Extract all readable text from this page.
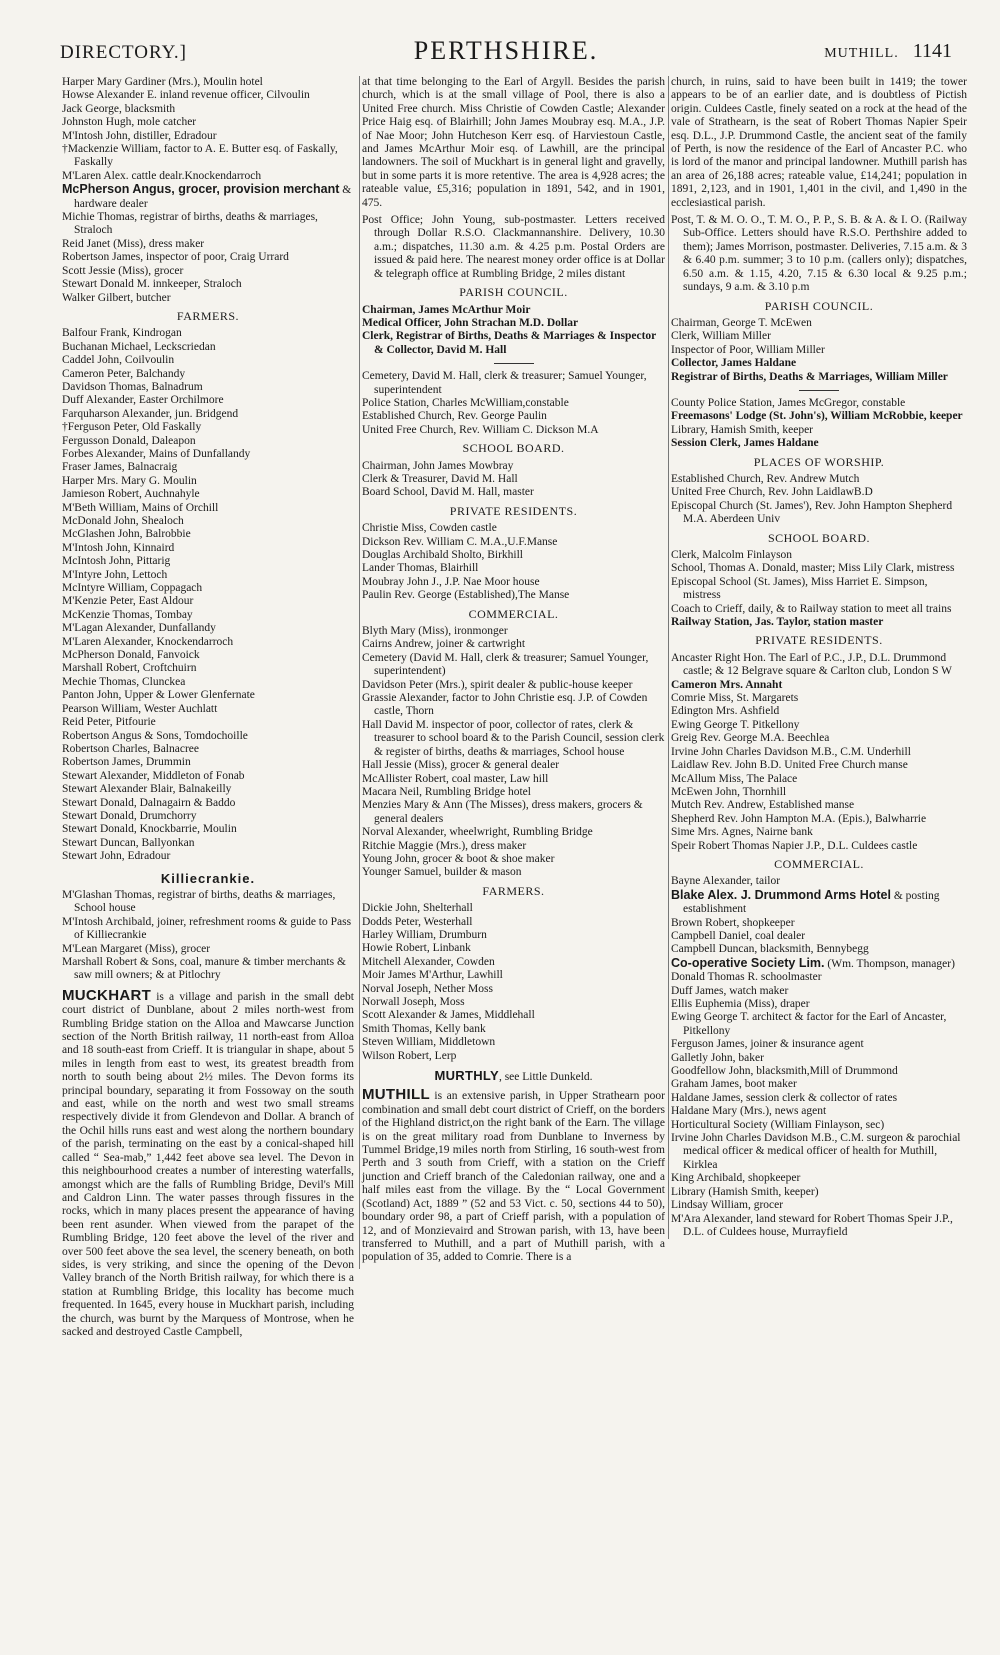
DIRECTORY.]	PERTHSHIRE.	MUTHILL. 1141

Harper Mary Gardiner (Mrs.), Moulin hotel

Howse Alexander E. inland revenue officer, Cilvoulin

Jack George, blacksmith

Johnston Hugh, mole catcher

M'Intosh John, distiller, Edradour

†Mackenzie William, factor to A. E. Butter esq. of Faskally, Faskally

M'Laren Alex. cattle dealr.Knockendarroch

McPherson Angus, grocer, provision merchant & hardware dealer

Michie Thomas, registrar of births, deaths & marriages, Straloch

Reid Janet (Miss), dress maker

Robertson James, inspector of poor, Craig Urrard

Scott Jessie (Miss), grocer

Stewart Donald M. innkeeper, Straloch

Walker Gilbert, butcher

FARMERS.

Balfour Frank, Kindrogan

Buchanan Michael, Leckscriedan

Caddel John, Coilvoulin

Cameron Peter, Balchandy

Davidson Thomas, Balnadrum

Duff Alexander, Easter Orchilmore

Farquharson Alexander, jun. Bridgend

†Ferguson Peter, Old Faskally

Fergusson Donald, Daleapon

Forbes Alexander, Mains of Dunfallandy

Fraser James, Balnacraig

Harper Mrs. Mary G. Moulin

Jamieson Robert, Auchnahyle

M'Beth William, Mains of Orchill

McDonald John, Shealoch

McGlashen John, Balrobbie

M'Intosh John, Kinnaird

McIntosh John, Pittarig

M'Intyre John, Lettoch

McIntyre William, Coppagach

M'Kenzie Peter, East Aldour

McKenzie Thomas, Tombay

M'Lagan Alexander, Dunfallandy

M'Laren Alexander, Knockendarroch

McPherson Donald, Fanvoick

Marshall Robert, Croftchuirn

Mechie Thomas, Clunckea

Panton John, Upper & Lower Glenfernate

Pearson William, Wester Auchlatt

Reid Peter, Pitfourie

Robertson Angus & Sons, Tomdochoille

Robertson Charles, Balnacree

Robertson James, Drummin

Stewart Alexander, Middleton of Fonab

Stewart Alexander Blair, Balnakeilly

Stewart Donald, Dalnagairn & Baddo

Stewart Donald, Drumchorry

Stewart Donald, Knockbarrie, Moulin

Stewart Duncan, Ballyonkan

Stewart John, Edradour

Killiecrankie.

M'Glashan Thomas, registrar of births, deaths & marriages, School house

M'Intosh Archibald, joiner, refreshment rooms & guide to Pass of Killiecrankie

M'Lean Margaret (Miss), grocer

Marshall Robert & Sons, coal, manure & timber merchants & saw mill owners; & at Pitlochry

MUCKHART is a village and parish in the small debt court district of Dunblane, about 2 miles north-west from Rumbling Bridge station on the Alloa and Mawcarse Junction section of the North British railway, 11 north-east from Alloa and 18 south-east from Crieff. It is triangular in shape, about 5 miles in length from east to west, its greatest breadth from north to south being about 2½ miles. The Devon forms its principal boundary, separating it from Fossoway on the south and east, while on the north and west two small streams respectively divide it from Glendevon and Dollar. A branch of the Ochil hills runs east and west along the northern boundary of the parish, terminating on the east by a conical-shaped hill called “ Sea-mab,” 1,442 feet above sea level. The Devon in this neighbourhood creates a number of interesting waterfalls, amongst which are the falls of Rumbling Bridge, Devil's Mill and Caldron Linn. The water passes through fissures in the rocks, which in many places present the appearance of having been rent asunder. When viewed from the parapet of the Rumbling Bridge, 120 feet above the level of the river and over 500 feet above the sea level, the scenery beneath, on both sides, is very striking, and since the opening of the Devon Valley branch of the North British railway, for which there is a station at Rumbling Bridge, this locality has become much frequented. In 1645, every house in Muckhart parish, including the church, was burnt by the Marquess of Montrose, when he sacked and destroyed Castle Campbell,

at that time belonging to the Earl of Argyll. Besides the parish church, which is at the small village of Pool, there is also a United Free church. Miss Christie of Cowden Castle; Alexander Price Haig esq. of Blairhill; John James Moubray esq. M.A., J.P. of Nae Moor; John Hutcheson Kerr esq. of Harviestoun Castle, and James McArthur Moir esq. of Lawhill, are the principal landowners. The soil of Muckhart is in general light and gravelly, but in some parts it is more retentive. The area is 4,928 acres; the rateable value, £5,316; population in 1891, 542, and in 1901, 475.

Post Office; John Young, sub-postmaster. Letters received through Dollar R.S.O. Clackmannanshire. Delivery, 10.30 a.m.; dispatches, 11.30 a.m. & 4.25 p.m. Postal Orders are issued & paid here. The nearest money order office is at Dollar & telegraph office at Rumbling Bridge, 2 miles distant

PARISH COUNCIL.

Chairman, James McArthur Moir

Medical Officer, John Strachan M.D. Dollar

Clerk, Registrar of Births, Deaths & Marriages & Inspector & Collector, David M. Hall

Cemetery, David M. Hall, clerk & treasurer; Samuel Younger, superintendent

Police Station, Charles McWilliam,constable

Established Church, Rev. George Paulin

United Free Church, Rev. William C. Dickson M.A

SCHOOL BOARD.

Chairman, John James Mowbray

Clerk & Treasurer, David M. Hall

Board School, David M. Hall, master

PRIVATE RESIDENTS.

Christie Miss, Cowden castle

Dickson Rev. William C. M.A.,U.F.Manse

Douglas Archibald Sholto, Birkhill

Lander Thomas, Blairhill

Moubray John J., J.P. Nae Moor house

Paulin Rev. George (Established),The Manse

COMMERCIAL.

Blyth Mary (Miss), ironmonger

Cairns Andrew, joiner & cartwright

Cemetery (David M. Hall, clerk & treasurer; Samuel Younger, superintendent)

Davidson Peter (Mrs.), spirit dealer & public-house keeper

Grassie Alexander, factor to John Christie esq. J.P. of Cowden castle, Thorn

Hall David M. inspector of poor, collector of rates, clerk & treasurer to school board & to the Parish Council, session clerk & register of births, deaths & marriages, School house

Hall Jessie (Miss), grocer & general dealer

McAllister Robert, coal master, Law hill

Macara Neil, Rumbling Bridge hotel

Menzies Mary & Ann (The Misses), dress makers, grocers & general dealers

Norval Alexander, wheelwright, Rumbling Bridge

Ritchie Maggie (Mrs.), dress maker

Young John, grocer & boot & shoe maker

Younger Samuel, builder & mason

FARMERS.

Dickie John, Shelterhall

Dodds Peter, Westerhall

Harley William, Drumburn

Howie Robert, Linbank

Mitchell Alexander, Cowden

Moir James M'Arthur, Lawhill

Norval Joseph, Nether Moss

Norwall Joseph, Moss

Scott Alexander & James, Middlehall

Smith Thomas, Kelly bank

Steven William, Middletown

Wilson Robert, Lerp

MURTHLY, see Little Dunkeld.

MUTHILL is an extensive parish, in Upper Strathearn poor combination and small debt court district of Crieff, on the borders of the Highland district,on the right bank of the Earn. The village is on the great military road from Dunblane to Inverness by Tummel Bridge,19 miles north from Stirling, 16 south-west from Perth and 3 south from Crieff, with a station on the Crieff junction and Crieff branch of the Caledonian railway, one and a half miles east from the village. By the “ Local Government (Scotland) Act, 1889 ” (52 and 53 Vict. c. 50, sections 44 to 50), boundary order 98, a part of Crieff parish, with a population of 12, and of Monzievaird and Strowan parish, with 13, have been transferred to Muthill, and a part of Muthill parish, with a population of 35, added to Comrie. There is a

church, in ruins, said to have been built in 1419; the tower appears to be of an earlier date, and is doubtless of Pictish origin. Culdees Castle, finely seated on a rock at the head of the vale of Strathearn, is the seat of Robert Thomas Napier Speir esq. D.L., J.P. Drummond Castle, the ancient seat of the family of Perth, is now the residence of the Earl of Ancaster P.C. who is lord of the manor and principal landowner. Muthill parish has an area of 26,188 acres; rateable value, £14,241; population in 1891, 2,123, and in 1901, 1,401 in the civil, and 1,490 in the ecclesiastical parish.

Post, T. & M. O. O., T. M. O., P. P., S. B. & A. & I. O. (Railway Sub-Office. Letters should have R.S.O. Perthshire added to them); James Morrison, postmaster. Deliveries, 7.15 a.m. & 3 & 6.40 p.m. summer; 3 to 10 p.m. (callers only); dispatches, 6.50 a.m. & 1.15, 4.20, 7.15 & 6.30 local & 9.25 p.m.; sundays, 9 a.m. & 3.10 p.m

PARISH COUNCIL.

Chairman, George T. McEwen

Clerk, William Miller

Inspector of Poor, William Miller

Collector, James Haldane

Registrar of Births, Deaths & Marriages, William Miller

County Police Station, James McGregor, constable

Freemasons' Lodge (St. John's), William McRobbie, keeper

Library, Hamish Smith, keeper

Session Clerk, James Haldane

PLACES OF WORSHIP.

Established Church, Rev. Andrew Mutch

United Free Church, Rev. John LaidlawB.D

Episcopal Church (St. James'), Rev. John Hampton Shepherd M.A. Aberdeen Univ

SCHOOL BOARD.

Clerk, Malcolm Finlayson

School, Thomas A. Donald, master; Miss Lily Clark, mistress

Episcopal School (St. James), Miss Harriet E. Simpson, mistress

Coach to Crieff, daily, & to Railway station to meet all trains

Railway Station, Jas. Taylor, station master

PRIVATE RESIDENTS.

Ancaster Right Hon. The Earl of P.C., J.P., D.L. Drummond castle; & 12 Belgrave square & Carlton club, London S W

Cameron Mrs. Annaht

Comrie Miss, St. Margarets

Edington Mrs. Ashfield

Ewing George T. Pitkellony

Greig Rev. George M.A. Beechlea

Irvine John Charles Davidson M.B., C.M. Underhill

Laidlaw Rev. John B.D. United Free Church manse

McAllum Miss, The Palace

McEwen John, Thornhill

Mutch Rev. Andrew, Established manse

Shepherd Rev. John Hampton M.A. (Epis.), Balwharrie

Sime Mrs. Agnes, Nairne bank

Speir Robert Thomas Napier J.P., D.L. Culdees castle

COMMERCIAL.

Bayne Alexander, tailor

Blake Alex. J. Drummond Arms Hotel & posting establishment

Brown Robert, shopkeeper

Campbell Daniel, coal dealer

Campbell Duncan, blacksmith, Bennybegg

Co-operative Society Lim. (Wm. Thompson, manager)

Donald Thomas R. schoolmaster

Duff James, watch maker

Ellis Euphemia (Miss), draper

Ewing George T. architect & factor for the Earl of Ancaster, Pitkellony

Ferguson James, joiner & insurance agent

Galletly John, baker

Goodfellow John, blacksmith,Mill of Drummond

Graham James, boot maker

Haldane James, session clerk & collector of rates

Haldane Mary (Mrs.), news agent

Horticultural Society (William Finlayson, sec)

Irvine John Charles Davidson M.B., C.M. surgeon & parochial medical officer & medical officer of health for Muthill, Kirklea

King Archibald, shopkeeper

Library (Hamish Smith, keeper)

Lindsay William, grocer

M'Ara Alexander, land steward for Robert Thomas Speir J.P., D.L. of Culdees house, Murrayfield
